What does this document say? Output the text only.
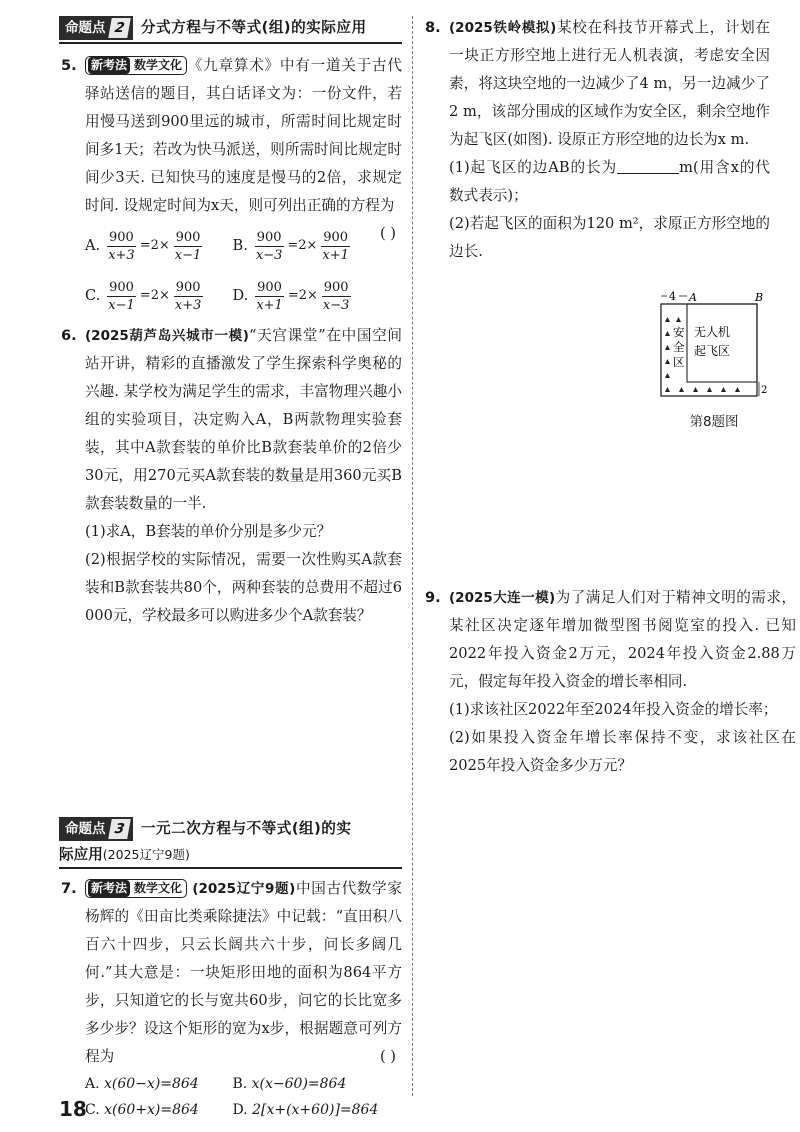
命题点 2	分式方程与不等式(组)的实际应用
5. 新考法 数学文化 《九章算术》中有一道关于古代驿站送信的题目，其白话译文为：一份文件，若用慢马送到900里远的城市，所需时间比规定时间多1天；若改为快马派送，则所需时间比规定时间少3天. 已知快马的速度是慢马的2倍，求规定时间. 设规定时间为x天，则可列出正确的方程为
( )
A. $\frac{900}{x+3} =2\times \frac{900}{x-1} B$. $\frac{900}{x-3} =2\times \frac{900}{x+1}$
C. $\frac{900}{x-1} =2\times \frac{900}{x+3} D$. $\frac{900}{x+1} =2\times \frac{900}{x-3}$
6. (2025葫芦岛兴城市一模)“天宫课堂”在中国空间站开讲，精彩的直播激发了学生探索科学奥秘的兴趣. 某学校为满足学生的需求，丰富物理兴趣小组的实验项目，决定购入A，B两款物理实验套装，其中A款套装的单价比B款套装单价的2倍少30元，用270元买A款套装的数量是用360元买B款套装数量的一半.
(1)求A，B套装的单价分别是多少元？
(2)根据学校的实际情况，需要一次性购买A款套装和B款套装共80个，两种套装的总费用不超过6 000元，学校最多可以购进多少个A款套装？
命题点 3	一元二次方程与不等式(组)的实
际应用(2025辽宁9题)
7. 新考法 数学文化 (2025辽宁9题)中国古代数学家杨辉的《田亩比类乘除捷法》中记载：“直田积八百六十四步，只云长阔共六十步，问长多阔几何.”其大意是：一块矩形田地的面积为864平方步，只知道它的长与宽共60步，问它的长比宽多多少步？设这个矩形的宽为x步，根据题意可列方程为	( )
A. x(60−x)=864	B. x(x−60)=864
C. x(60+x)=864	D. 2[x+(x+60)]=864
8. (2025铁岭模拟)某校在科技节开幕式上，计划在一块正方形空地上进行无人机表演，考虑安全因素，将这块空地的一边减少了4 m，另一边减少了2 m，该部分围成的区域作为安全区，剩余空地作为起飞区(如图). 设原正方形空地的边长为x m.
(1)起飞区的边AB的长为	m(用含x的代数式表示)；
(2)若起飞区的面积为120 m²，求原正方形空地的边长.
4 A	B
安
全
区
无人机
起飞区
2
第8题图
9. (2025大连一模)为了满足人们对于精神文明的需求，某社区决定逐年增加微型图书阅览室的投入. 已知2022年投入资金2万元，2024年投入资金2.88万元，假定每年投入资金的增长率相同.
(1)求该社区2022年至2024年投入资金的增长率；
(2)如果投入资金年增长率保持不变，求该社区在2025年投入资金多少万元？
18
